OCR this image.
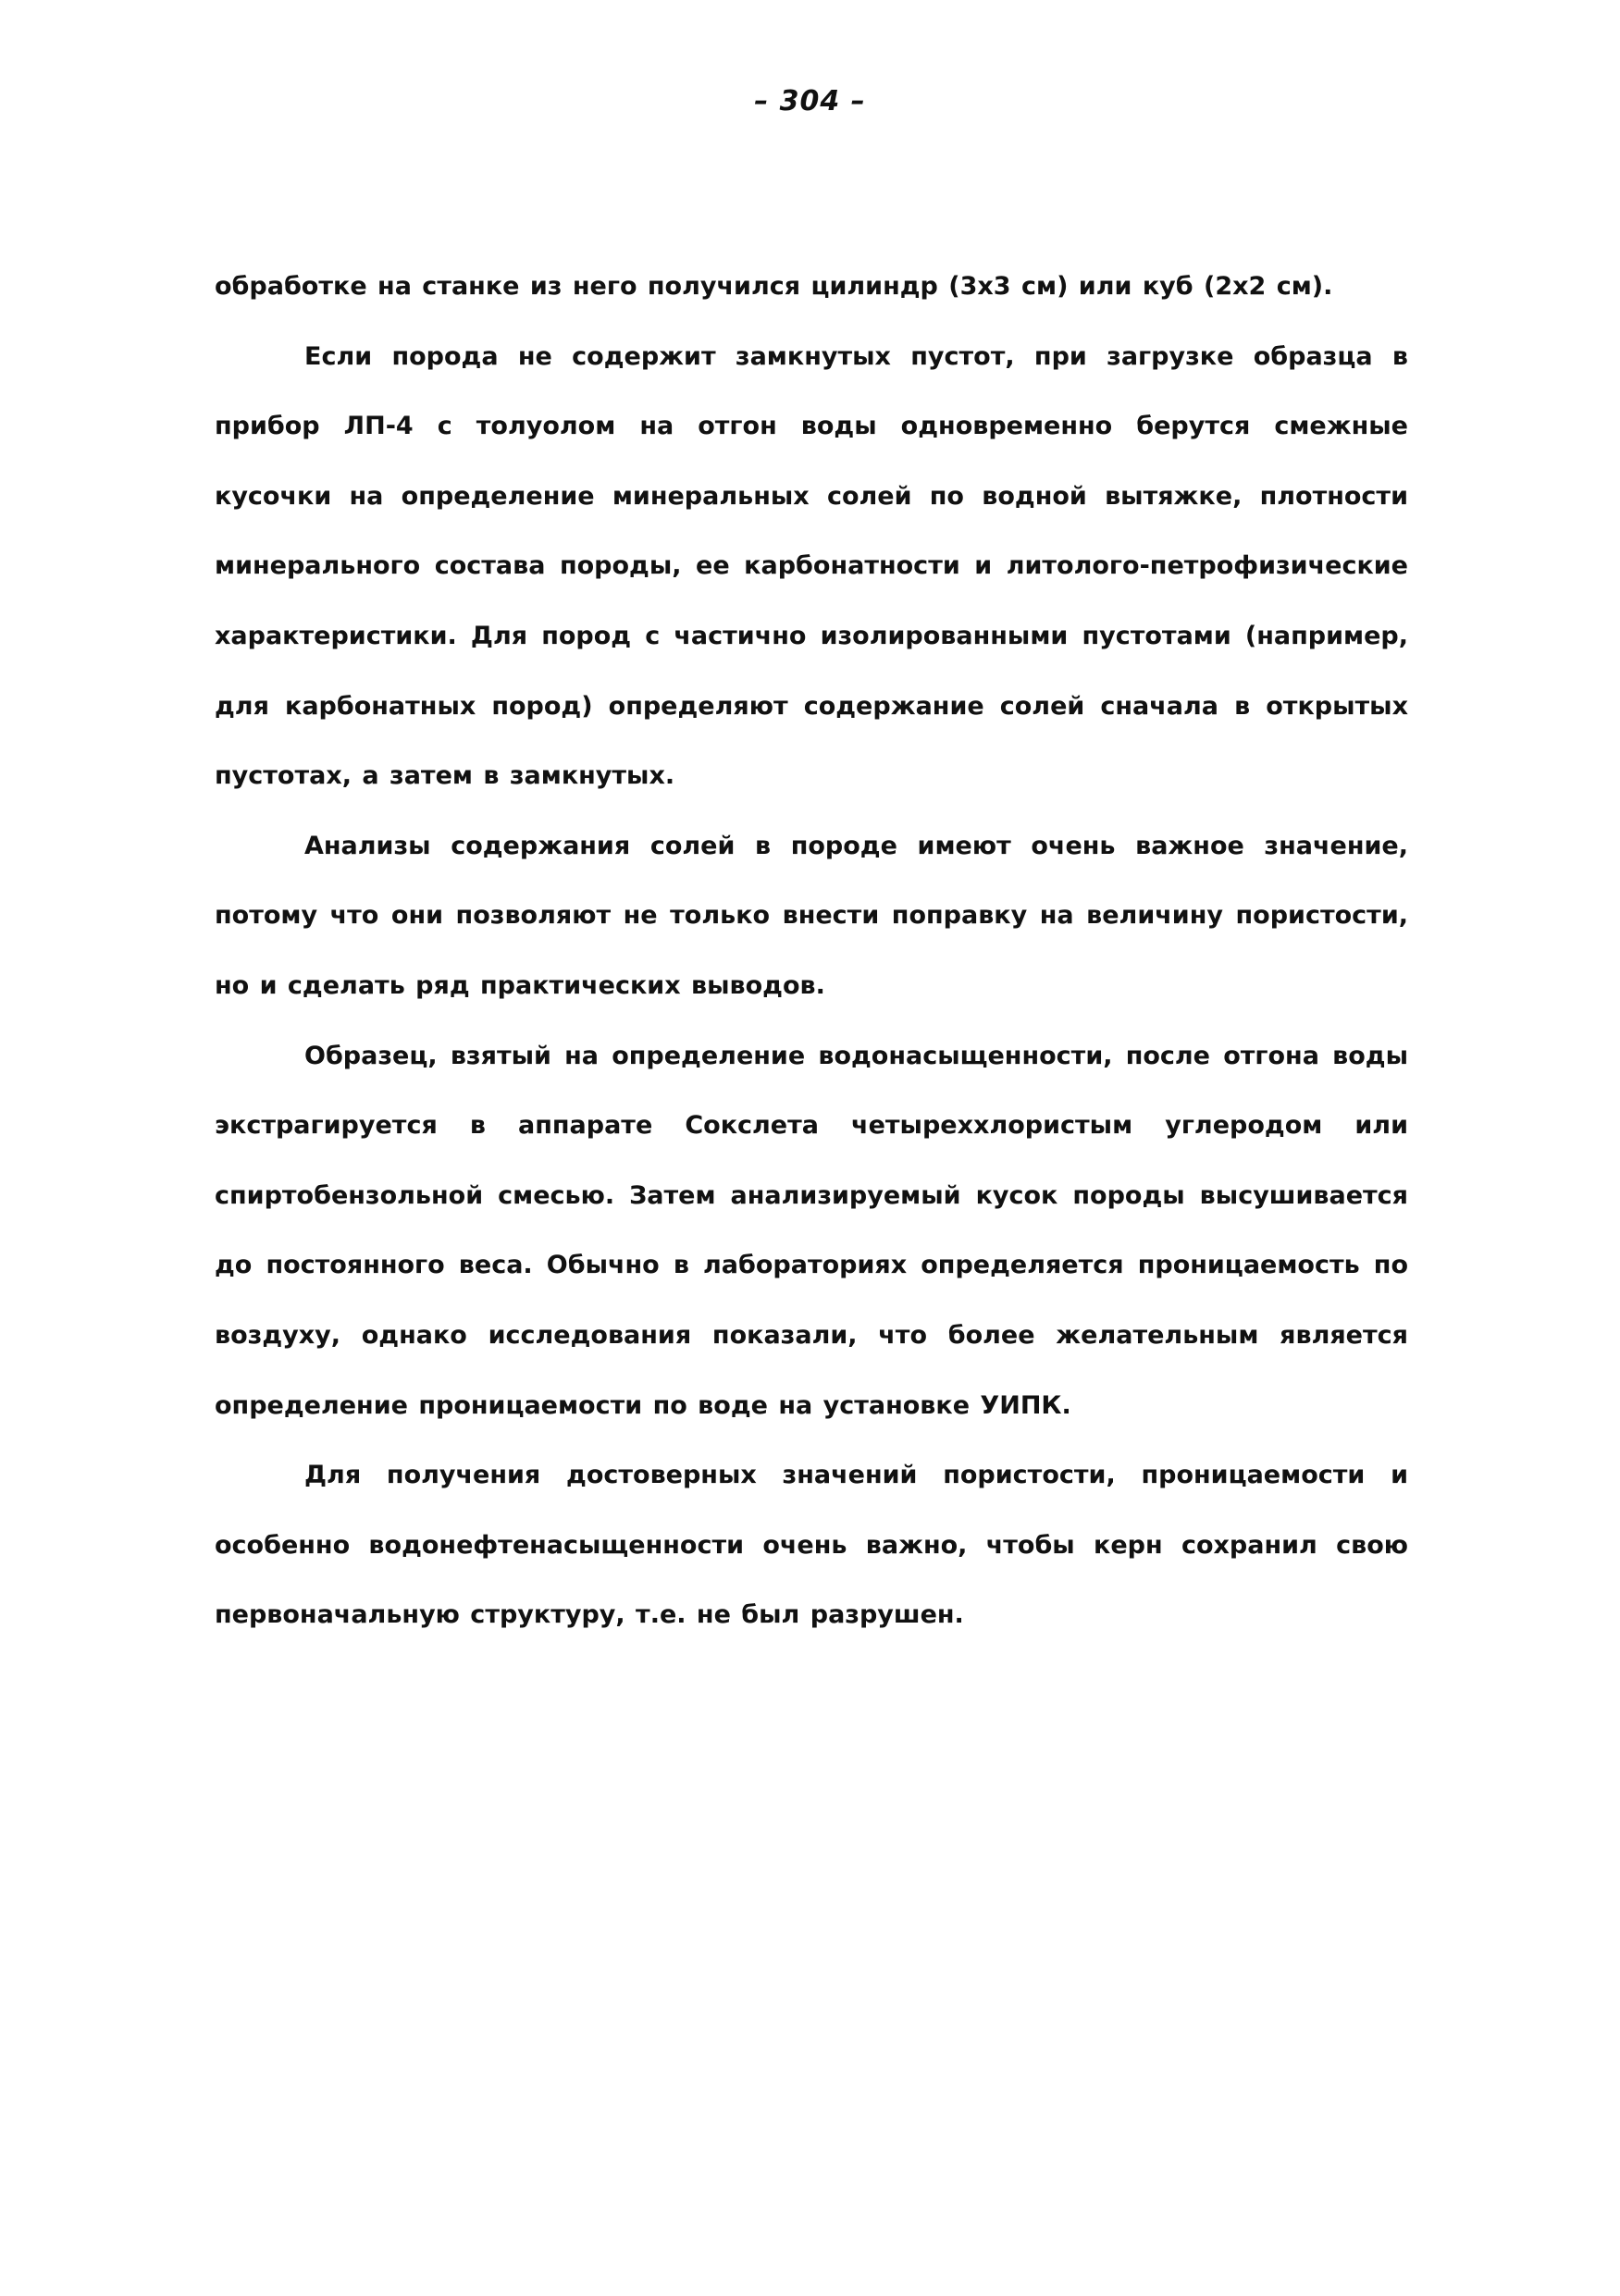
– 304 –

обработке на станке из него получился цилиндр (3х3 см) или куб (2х2 см).

Если порода не содержит замкнутых пустот, при загрузке образца в прибор ЛП-4 с толуолом на отгон воды одновременно берутся смежные кусочки на определение минеральных солей по водной вытяжке, плотности минерального состава породы, ее карбонатности и литолого-петрофизические характеристики. Для пород с частично изолированными пустотами (например, для карбонатных пород) определяют содержание солей сначала в открытых пустотах, а затем в замкнутых.

Анализы содержания солей в породе имеют очень важное значение, потому что они позволяют не только внести поправку на величину пористости, но и сделать ряд практических выводов.

Образец, взятый на определение водонасыщенности, после отгона воды экстрагируется в аппарате Сокслета четыреххлористым углеродом или спиртобензольной смесью. Затем анализируемый кусок породы высушивается до постоянного веса. Обычно в лабораториях определяется проницаемость по воздуху, однако исследования показали, что более желательным является определение проницаемости по воде на установке УИПК.

Для получения достоверных значений пористости, проницаемости и особенно водонефтенасыщенности очень важно, чтобы керн сохранил свою первоначальную структуру, т.е. не был разрушен.
